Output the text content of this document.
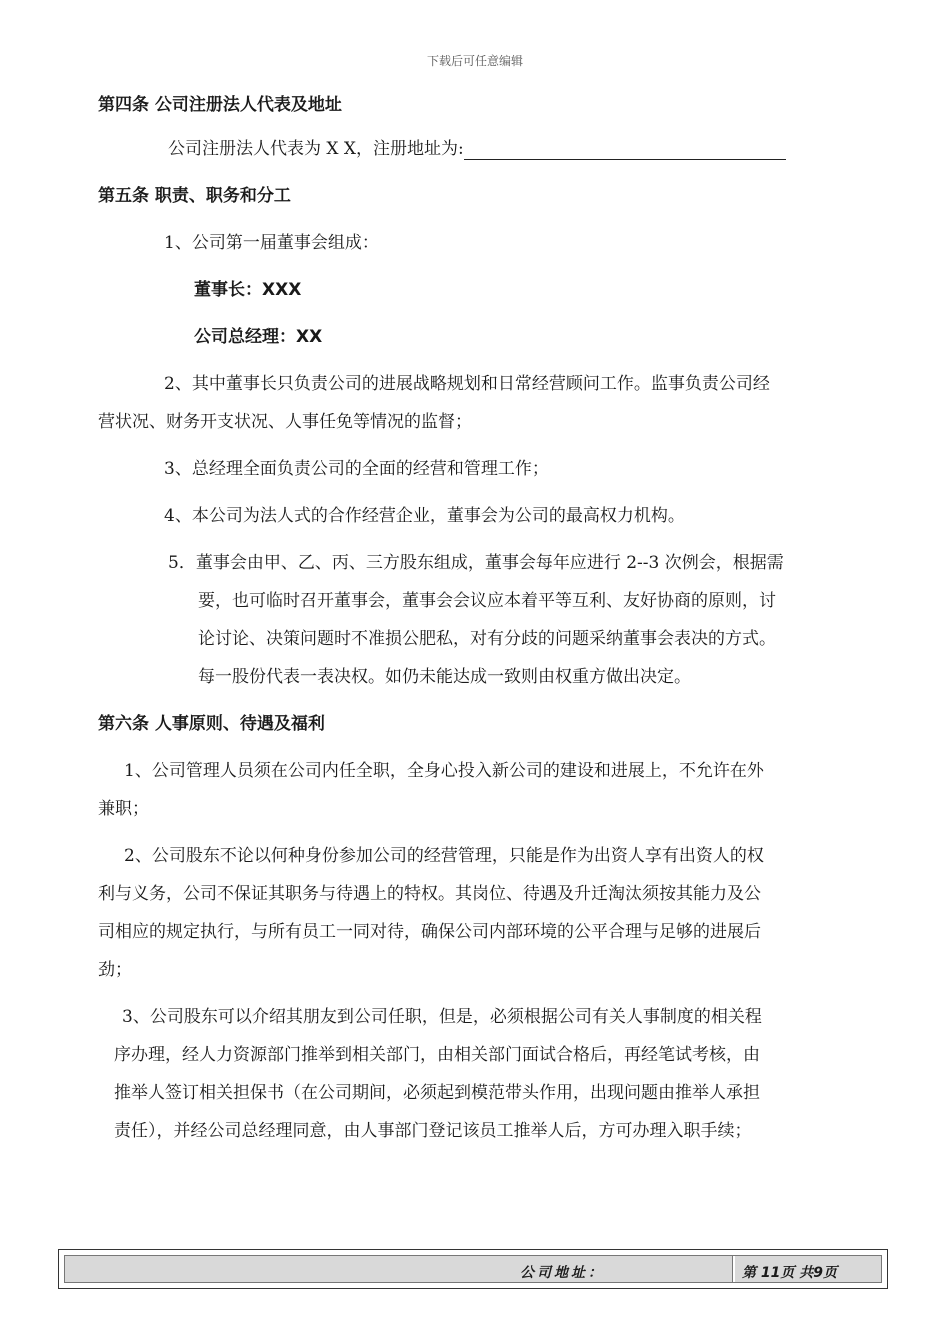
下载后可任意编辑

第四条 公司注册法人代表及地址

公司注册法人代表为 X X，注册地址为:

第五条 职责、职务和分工

1、公司第一届董事会组成：

董事长：XXX

公司总经理：XX

2、其中董事长只负责公司的进展战略规划和日常经营顾问工作。监事负责公司经

营状况、财务开支状况、人事任免等情况的监督；

3、总经理全面负责公司的全面的经营和管理工作；

4、本公司为法人式的合作经营企业，董事会为公司的最高权力机构。

5．董事会由甲、乙、丙、三方股东组成，董事会每年应进行 2--3 次例会，根据需

要，也可临时召开董事会，董事会会议应本着平等互利、友好协商的原则，讨

论讨论、决策问题时不准损公肥私，对有分歧的问题采纳董事会表决的方式。

每一股份代表一表决权。如仍未能达成一致则由权重方做出决定。

第六条 人事原则、待遇及福利

1、公司管理人员须在公司内任全职，全身心投入新公司的建设和进展上，不允许在外

兼职；

2、公司股东不论以何种身份参加公司的经营管理，只能是作为出资人享有出资人的权

利与义务，公司不保证其职务与待遇上的特权。其岗位、待遇及升迁淘汰须按其能力及公

司相应的规定执行，与所有员工一同对待，确保公司内部环境的公平合理与足够的进展后

劲；

3、公司股东可以介绍其朋友到公司任职，但是，必须根据公司有关人事制度的相关程

序办理，经人力资源部门推举到相关部门，由相关部门面试合格后，再经笔试考核，由

推举人签订相关担保书（在公司期间，必须起到模范带头作用，出现问题由推举人承担

责任），并经公司总经理同意，由人事部门登记该员工推举人后，方可办理入职手续；

公司地址：	第 11页 共9页
